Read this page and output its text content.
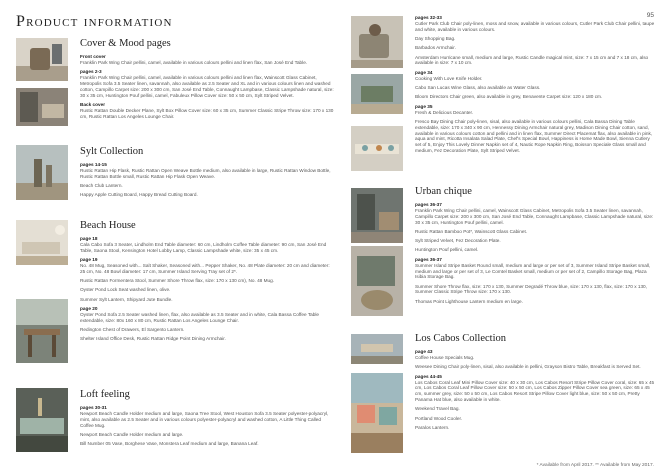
Product information	95
Cover & Mood pages
Front cover
Franklin Park Wing Chair pellini, camel, available in various colours pellini and linen flax, San José End Table.
pages 2-3
Franklin Park Wing Chair pellini, camel, available in various colours pellini and linen flax, Wainscott Glass Cabinet, Metropolis Sofa 3.5 Seater linen, savannah, also available as 2.5 Seater and XL and in various colours linen and washed cotton, Campillo Carpet size: 200 x 300 cm, San José End Table, Connaught Lampbase, Classic Lampshade natural, size: 30 x 35 cm, Huntington Pouf pellini, camel, Fabuleux Pillow Cover size: 50 x 50 cm, Sylt Striped Velvet.
Back cover
Rustic Rattan Double Decker Plane, Sylt Box Pillow Cover size: 60 x 35 cm, Summer Classic Stripe Throw size: 170 x 130 cm, Rustic Rattan Los Angeles Lounge Chair.
Sylt Collection
pages 14-15
Rustic Rattan Hip Flask, Rustic Rattan Open Weave Bottle medium, also available in large, Rustic Rattan Window Bottle, Rustic Rattan Bottle small, Rustic Rattan Hip Flask Open Weave.
Beach Club Lantern.
Happy Apple Cutting Board, Happy Bread Cutting Board.
Beach House
page 18
Cala Cabo Sofa 3 Seater, Lindholm End Table diameter: 60 cm, Lindholm Coffee Table diameter: 90 cm, San José End Table, Saona Stool, Kensington Hotel Lobby Lamp, Classic Lampshade white, size: 35 x 45 cm.
page 19
No. 48 Mug, Seasoned with... Salt Shaker, Seasoned with... Pepper Shaker, No. 48 Plate diameter: 20 cm and diameter: 25 cm, No. 48 Bowl diameter: 17 cm, Summer Island Serving Tray set of 2*.
Rustic Rattan Formentera Stool, Summer Shore Throw flax, size: 170 x 130 cm), No. 48 Mug.
Oyster Pond Lock Seat washed linen, olive.
Summer Sylt Lantern, Shipyard Jute Bundle.
page 20
Oyster Pond Sofa 2.5 Seater washed linen, flax, also available as 3.5 Seater and in white, Cala Bassa Coffee Table extendable, size: 80x 160 x 80 cm, Rustic Rattan Los Angeles Lounge Chair.
Redington Chest of Drawers, El Sargento Lantern.
Shelter Island Office Desk, Rustic Rattan Ridge Point Dining Armchair.
Loft feeling
pages 30-31
Newport Beach Candle Holder medium and large, Saona Tree Stool, West Houston Sofa 3.5 Seater polyester-polyacryl, mint, also available as 2.5 Seater and in various colours polyester-polyacryl and washed cotton, A Little Thing Called Coffee Mug.
Newport Beach Candle Holder medium and large.
Bill Number 05 Vase, Borghese Vase, Monstera Leaf medium and large, Banana Leaf.
pages 32-33
Cutler Park Club Chair poly-linen, moss and snow, available in various colours, Cutler Park Club Chair pellini, taupe and white, available in various colours.
Day Shopping Bag.
Barbados Armchair.
Amsterdam Hurricane small, medium and large, Rustic Candle magical mint, size: 7 x 15 cm and 7 x 18 cm, also available in size: 7 x 10 cm.
page 34
Cooking With Love Knife Holder.
Cabo San Lucas Wine Glass, also available as Water Glass.
Bloom Directors Chair green, also available in grey, Benavente Carpet size: 120 x 180 cm.
page 35
Fresh & Delicious Decanter.
Fresco Bay Dining Chair poly-linen, sisal, also available in various colours pellini, Cala Bassa Dining Table extendable, size: 170 x 340 x 90 cm, Hennessy Dining Armchair natural grey, Madison Dining Chair cotton, sand, available in various colours cotton and pellini and in linen flax, Summer Direct Placemat flax, also available in pink, aqua and mint, Ricotta Insalata Salad Plate, Chef's Special Bowl, Happiness is Home Made Bowl, Sienna Cutlery set of 5, Enjoy This Lovely Dinner Napkin set of 4, Nautic Rope Napkin Ring, Boisson Speciale Glass small and medium, Fez Decoration Plate, Sylt Striped Velvet.
Urban chique
pages 36-37
Franklin Park Wing Chair pellini, camel, Wainscott Glass Cabinet, Metropolis Sofa 3.5 Seater linen, savannah, Campillo Carpet size: 200 x 300 cm, San José End Table, Connaught Lampbase, Classic Lampshade natural, size: 30 x 35 cm, Huntington Pouf pellini, camel.
Rustic Rattan Bamboo Pot*, Wainscott Glass Cabinet.
Sylt Striped Velvet, Fez Decoration Plate.
Huntington Pouf pellini, camel.
pages 36-37
Summer Island Stripe Basket Round small, medium and large or per set of 3, Summer Island Stripe Basket small, medium and large or per set of 3, Le Comtel Basket small, medium or per set of 2, Campillo Storage Bag, Plaza Isibia Storage Bag.
Summer Shore Throw flax, size: 170 x 130, Summer Degradé Throw blue, size: 170 x 130, flax, size: 170 x 130, Summer Classic Stripe Throw size: 170 x 130.
Thomas Point Lighthouse Lantern medium en large.
Los Cabos Collection
page 43
Coffee House Specials Mug.
Weesee Dining Chair poly-linen, sisal, also available in pellini, Grayson Bistro Table, Breakfast is Served Set.
pages 44-45
Los Cabos Coral Leaf Mini Pillow Cover size: 40 x 30 cm, Los Cabos Resort Stripe Pillow Cover coral, size: 65 x 45 cm, Los Cabos Coral Leaf Pillow Cover size: 50 x 50 cm, Los Cabos Zipper Pillow Cover sea green, size: 65 x 45 cm, summer grey, size: 50 x 50 cm, Los Cabos Resort Stripe Pillow Cover light blue, size: 50 x 50 cm, Pretty Panama Hat blue, also available in white.
Weekend Travel Bag.
Portland Wood Cooler.
Paralos Lantern.
* Available from April 2017. ** Available from May 2017.
